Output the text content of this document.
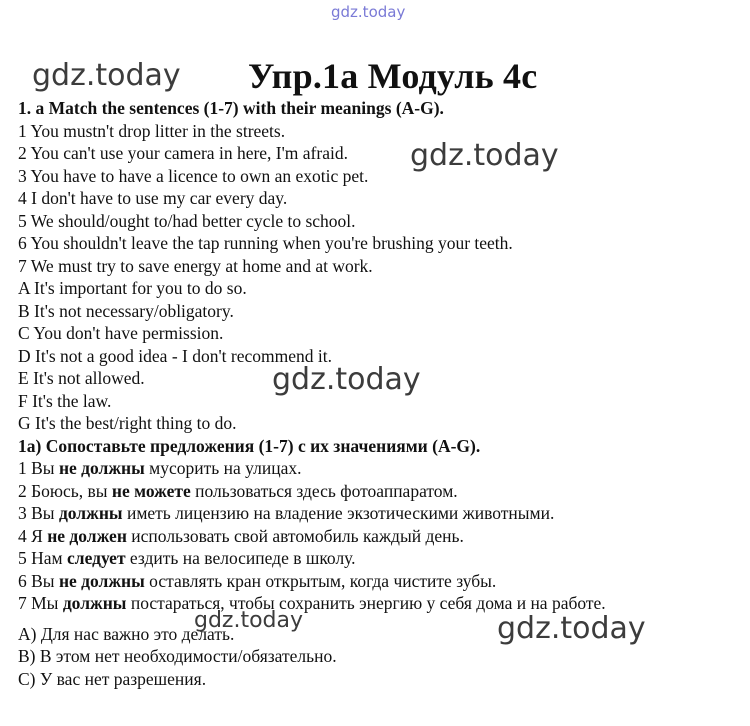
gdz.today
gdz.today
gdz.today
gdz.today
gdz.today	gdz.today
Упр.1a Модуль 4c

1. a Match the sentences (1-7) with their meanings (A-G).

1 You mustn't drop litter in the streets.

2 You can't use your camera in here, I'm afraid.

3 You have to have a licence to own an exotic pet.

4 I don't have to use my car every day.

5 We should/ought to/had better cycle to school.

6 You shouldn't leave the tap running when you're brushing your teeth.

7 We must try to save energy at home and at work.

A It's important for you to do so.

B It's not necessary/obligatory.

C You don't have permission.

D It's not a good idea - I don't recommend it.

E It's not allowed.

F It's the law.

G It's the best/right thing to do.

1a) Сопоставьте предложения (1-7) с их значениями (A-G).

1 Вы не должны мусорить на улицах.

2 Боюсь, вы не можете пользоваться здесь фотоаппаратом.

3 Вы должны иметь лицензию на владение экзотическими животными.

4 Я не должен использовать свой автомобиль каждый день.

5 Нам следует ездить на велосипеде в школу.

6 Вы не должны оставлять кран открытым, когда чистите зубы.

7 Мы должны постараться, чтобы сохранить энергию у себя дома и на работе.

A) Для нас важно это делать.

B) В этом нет необходимости/обязательно.

C) У вас нет разрешения.
